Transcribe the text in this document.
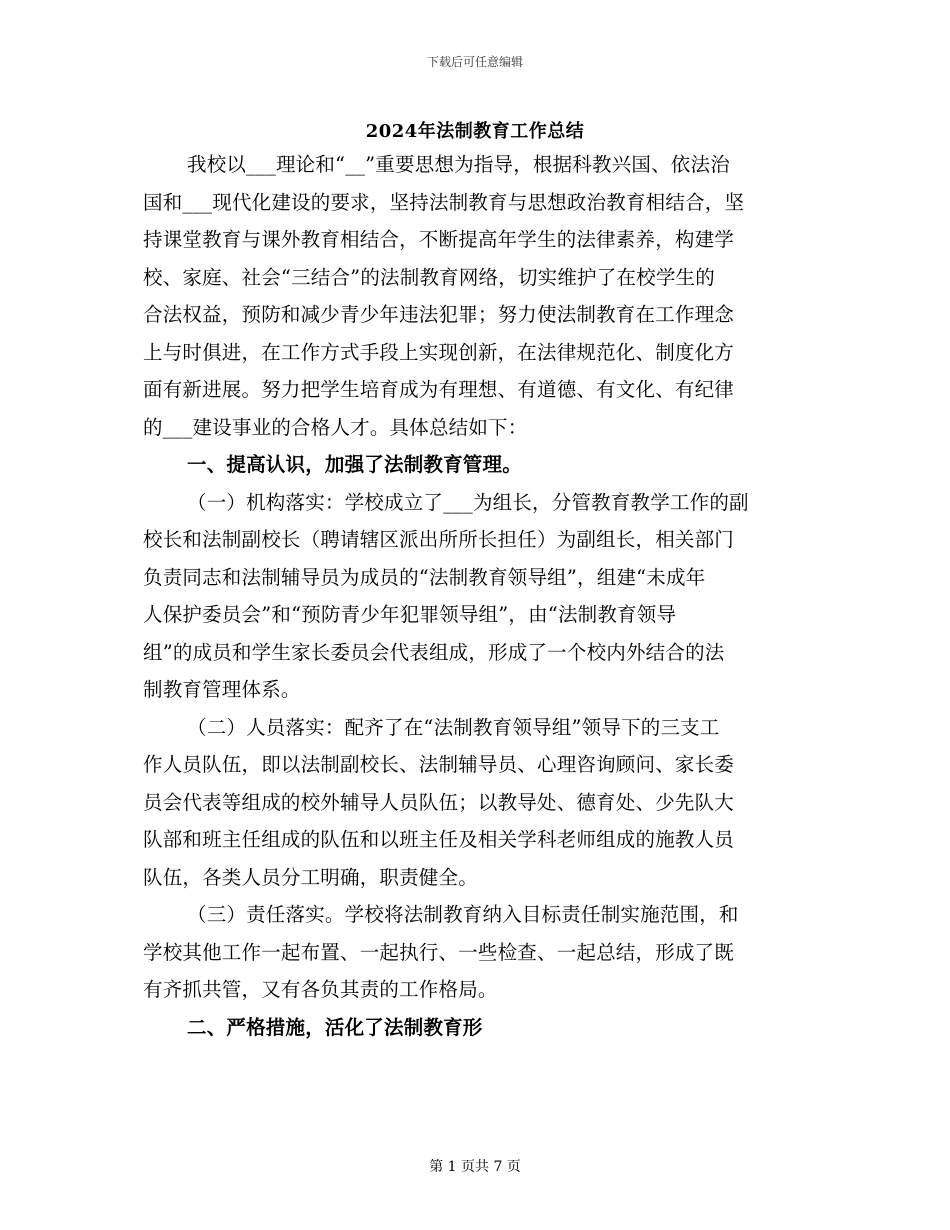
下载后可任意编辑
2024年法制教育工作总结
我校以___理论和“__”重要思想为指导，根据科教兴国、依法治
国和___现代化建设的要求，坚持法制教育与思想政治教育相结合，坚
持课堂教育与课外教育相结合，不断提高年学生的法律素养，构建学
校、家庭、社会“三结合”的法制教育网络，切实维护了在校学生的
合法权益，预防和减少青少年违法犯罪；努力使法制教育在工作理念
上与时俱进，在工作方式手段上实现创新，在法律规范化、制度化方
面有新进展。努力把学生培育成为有理想、有道德、有文化、有纪律
的___建设事业的合格人才。具体总结如下：
一、提高认识，加强了法制教育管理。
（一）机构落实：学校成立了___为组长，分管教育教学工作的副
校长和法制副校长（聘请辖区派出所所长担任）为副组长，相关部门
负责同志和法制辅导员为成员的“法制教育领导组”，组建“未成年
人保护委员会”和“预防青少年犯罪领导组”，由“法制教育领导
组”的成员和学生家长委员会代表组成，形成了一个校内外结合的法
制教育管理体系。
（二）人员落实：配齐了在“法制教育领导组”领导下的三支工
作人员队伍，即以法制副校长、法制辅导员、心理咨询顾问、家长委
员会代表等组成的校外辅导人员队伍；以教导处、德育处、少先队大
队部和班主任组成的队伍和以班主任及相关学科老师组成的施教人员
队伍，各类人员分工明确，职责健全。
（三）责任落实。学校将法制教育纳入目标责任制实施范围，和
学校其他工作一起布置、一起执行、一些检查、一起总结，形成了既
有齐抓共管，又有各负其责的工作格局。
二、严格措施，活化了法制教育形
第 1 页共 7 页
